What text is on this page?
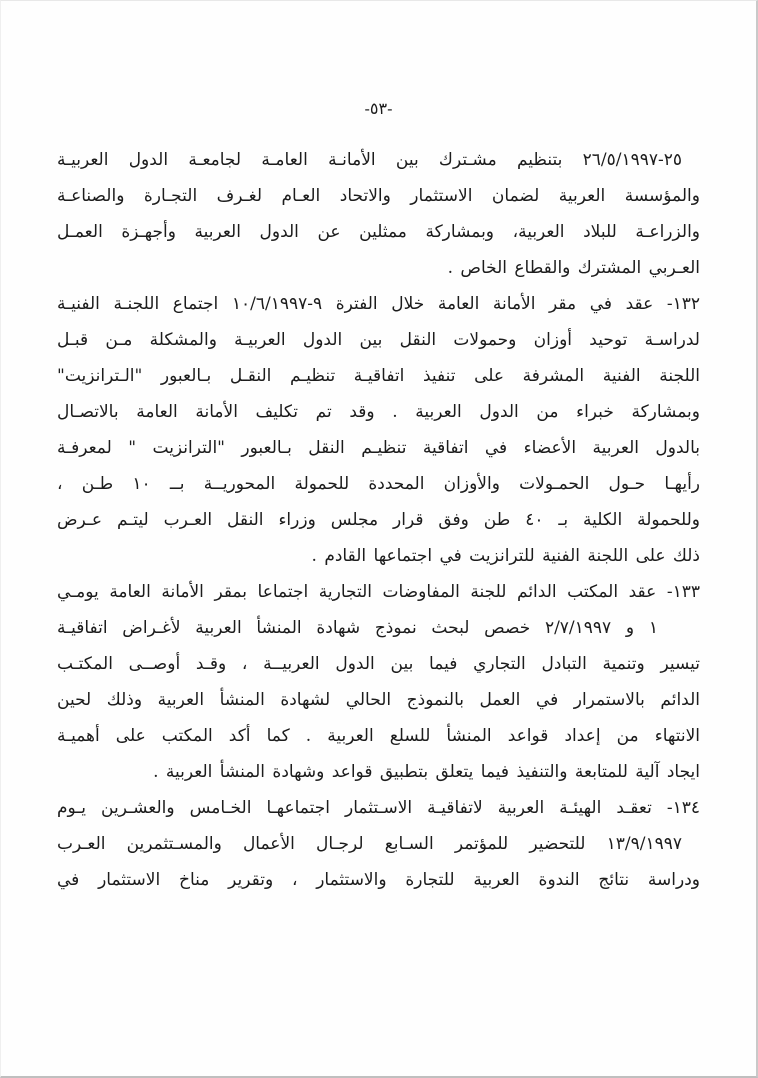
-٥٣-
٢٥-٢٦/٥/١٩٩٧ بتنظيم مشـترك بين الأمانـة العامـة لجامعـة الدول العربيـة
والمؤسسة العربية لضمان الاستثمار والاتحاد العـام لغـرف التجـارة والصناعـة
والزراعـة للبلاد العربية، وبمشاركة ممثلين عن الدول العربية وأجهـزة العمـل
العـربي المشترك والقطاع الخاص .
١٣٢- عقد في مقر الأمانة العامة خلال الفترة ٩-١٠/٦/١٩٩٧ اجتماع اللجنـة الفنيـة
لدراسـة توحيد أوزان وحمولات النقل بين الدول العربيـة والمشكلة مـن قبـل
اللجنة الفنية المشرفة على تنفيذ اتفاقيـة تنظيـم النقـل بـالعبور "الـترانزيت"
وبمشاركة خبراء من الدول العربية . وقد تم تكليف الأمانة العامة بالاتصـال
بالدول العربية الأعضاء في اتفاقية تنظيـم النقل بـالعبور "الترانزيت " لمعرفـة
رأيهـا حـول الحمـولات والأوزان المحددة للحمولة المحوريــة بــ ١٠ طـن ،
وللحمولة الكلية بـ ٤٠ طن وفق قرار مجلس وزراء النقل العـرب ليتـم عـرض
ذلك على اللجنة الفنية للترانزيت في اجتماعها القادم .
١٣٣- عقد المكتب الدائم للجنة المفاوضات التجارية اجتماعا بمقر الأمانة العامة يومـي
١ و ٢/٧/١٩٩٧ خصص لبحث نموذج شهادة المنشأ العربية لأغـراض اتفاقيـة
تيسير وتنمية التبادل التجاري فيما بين الدول العربيــة ، وقـد أوصــى المكتـب
الدائم بالاستمرار في العمل بالنموذج الحالي لشهادة المنشأ العربية وذلك لحين
الانتهاء من إعداد قواعد المنشأ للسلع العربية . كما أكد المكتب على أهميـة
ايجاد آلية للمتابعة والتنفيذ فيما يتعلق بتطبيق قواعد وشهادة المنشأ العربية .
١٣٤- تعقـد الهيئـة العربية لاتفاقيـة الاسـتثمار اجتماعهـا الخـامس والعشـرين يـوم
١٣/٩/١٩٩٧ للتحضير للمؤتمر السـابع لرجـال الأعمال والمسـتثمرين العـرب
ودراسة نتائج الندوة العربية للتجارة والاستثمار ، وتقرير مناخ الاستثمار في
